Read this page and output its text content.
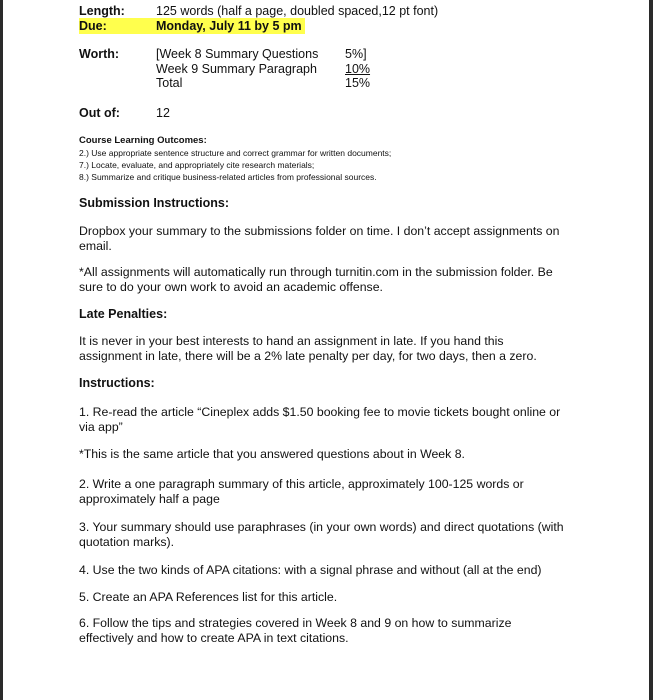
Length: 125 words (half a page, doubled spaced,12 pt font)
Due:	Monday, July 11 by 5 pm
Worth:	[Week 8 Summary Questions 5%]
Week 9 Summary Paragraph 10%
Total	15%
Out of:	12
Course Learning Outcomes:
2.) Use appropriate sentence structure and correct grammar for written documents;
7.) Locate, evaluate, and appropriately cite research materials;
8.) Summarize and critique business-related articles from professional sources.
Submission Instructions:
Dropbox your summary to the submissions folder on time. I don’t accept assignments on email.
*All assignments will automatically run through turnitin.com in the submission folder. Be sure to do your own work to avoid an academic offense.
Late Penalties:
It is never in your best interests to hand an assignment in late. If you hand this assignment in late, there will be a 2% late penalty per day, for two days, then a zero.
Instructions:
1. Re-read the article “Cineplex adds $1.50 booking fee to movie tickets bought online or via app”
*This is the same article that you answered questions about in Week 8.
2. Write a one paragraph summary of this article, approximately 100-125 words or approximately half a page
3. Your summary should use paraphrases (in your own words) and direct quotations (with quotation marks).
4. Use the two kinds of APA citations: with a signal phrase and without (all at the end)
5. Create an APA References list for this article.
6. Follow the tips and strategies covered in Week 8 and 9 on how to summarize effectively and how to create APA in text citations.
